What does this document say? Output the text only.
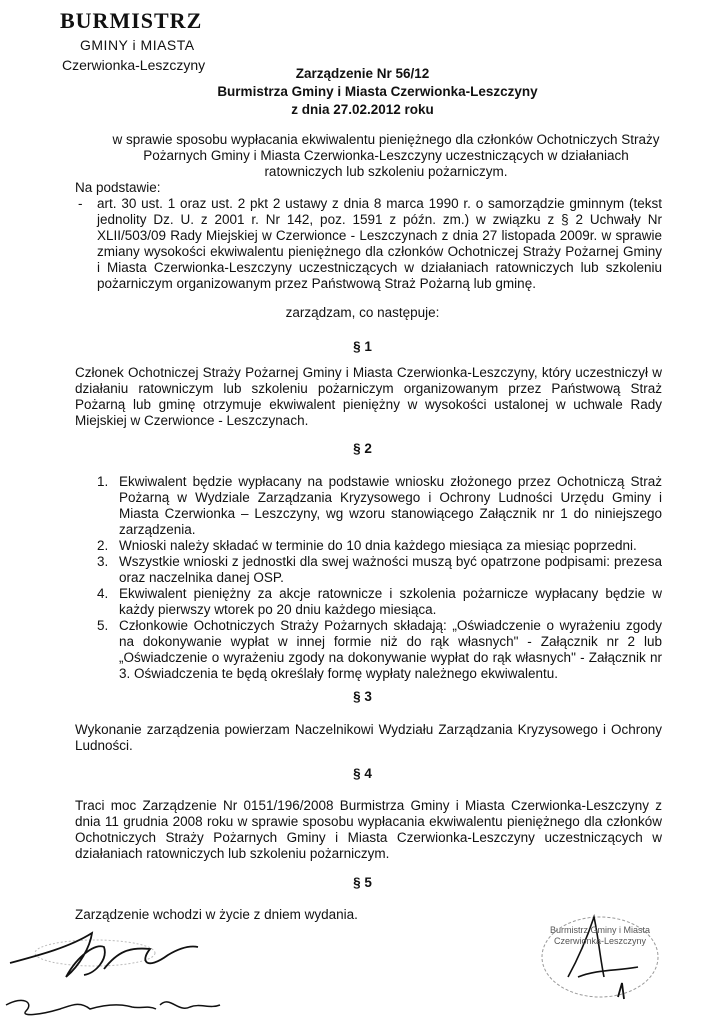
BURMISTRZ
GMINY i MIASTA
Czerwionka-Leszczyny
Zarządzenie Nr 56/12
Burmistrza Gminy i Miasta Czerwionka-Leszczyny
z dnia 27.02.2012 roku
w sprawie sposobu wypłacania ekwiwalentu pieniężnego dla członków Ochotniczych Straży Pożarnych Gminy i Miasta Czerwionka-Leszczyny uczestniczących w działaniach ratowniczych lub szkoleniu pożarniczym.
Na podstawie:
- art. 30 ust. 1 oraz ust. 2 pkt 2 ustawy z dnia 8 marca 1990 r. o samorządzie gminnym (tekst jednolity Dz. U. z 2001 r. Nr 142, poz. 1591 z późn. zm.) w związku z § 2 Uchwały Nr XLII/503/09 Rady Miejskiej w Czerwionce - Leszczynach z dnia 27 listopada 2009r. w sprawie zmiany wysokości ekwiwalentu pieniężnego dla członków Ochotniczej Straży Pożarnej Gminy i Miasta Czerwionka-Leszczyny uczestniczących w działaniach ratowniczych lub szkoleniu pożarniczym organizowanym przez Państwową Straż Pożarną lub gminę.
zarządzam, co następuje:
§ 1
Członek Ochotniczej Straży Pożarnej Gminy i Miasta Czerwionka-Leszczyny, który uczestniczył w działaniu ratowniczym lub szkoleniu pożarniczym organizowanym przez Państwową Straż Pożarną lub gminę otrzymuje ekwiwalent pieniężny w wysokości ustalonej w uchwale Rady Miejskiej w Czerwionce - Leszczynach.
§ 2
1. Ekwiwalent będzie wypłacany na podstawie wniosku złożonego przez Ochotniczą Straż Pożarną w Wydziale Zarządzania Kryzysowego i Ochrony Ludności Urzędu Gminy i Miasta Czerwionka – Leszczyny, wg wzoru stanowiącego Załącznik nr 1 do niniejszego zarządzenia.
2. Wnioski należy składać w terminie do 10 dnia każdego miesiąca za miesiąc poprzedni.
3. Wszystkie wnioski z jednostki dla swej ważności muszą być opatrzone podpisami: prezesa oraz naczelnika danej OSP.
4. Ekwiwalent pieniężny za akcje ratownicze i szkolenia pożarnicze wypłacany będzie w każdy pierwszy wtorek po 20 dniu każdego miesiąca.
5. Członkowie Ochotniczych Straży Pożarnych składają: „Oświadczenie o wyrażeniu zgody na dokonywanie wypłat w innej formie niż do rąk własnych" - Załącznik nr 2 lub „Oświadczenie o wyrażeniu zgody na dokonywanie wypłat do rąk własnych" - Załącznik nr 3. Oświadczenia te będą określały formę wypłaty należnego ekwiwalentu.
§ 3
Wykonanie zarządzenia powierzam Naczelnikowi Wydziału Zarządzania Kryzysowego i Ochrony Ludności.
§ 4
Traci moc Zarządzenie Nr 0151/196/2008 Burmistrza Gminy i Miasta Czerwionka-Leszczyny z dnia 11 grudnia 2008 roku w sprawie sposobu wypłacania ekwiwalentu pieniężnego dla członków Ochotniczych Straży Pożarnych Gminy i Miasta Czerwionka-Leszczyny uczestniczących w działaniach ratowniczych lub szkoleniu pożarniczym.
§ 5
Zarządzenie wchodzi w życie z dniem wydania.
Burmistrz Gminy i Miasta Czerwionka-Leszczyny
